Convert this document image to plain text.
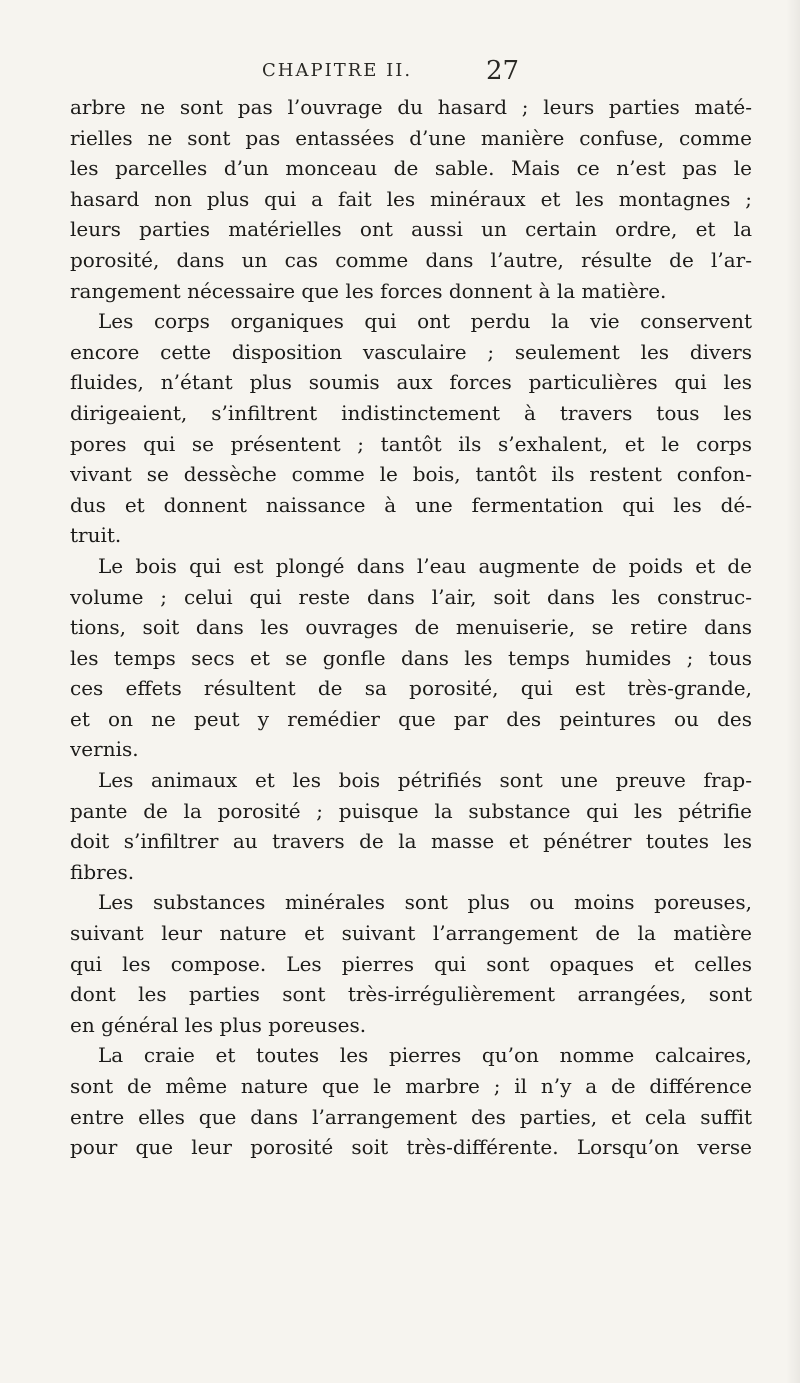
CHAPITRE II.	27
arbre ne sont pas l’ouvrage du hasard ; leurs parties maté-
rielles ne sont pas entassées d’une manière confuse, comme
les parcelles d’un monceau de sable. Mais ce n’est pas le
hasard non plus qui a fait les minéraux et les montagnes ;
leurs parties matérielles ont aussi un certain ordre, et la
porosité, dans un cas comme dans l’autre, résulte de l’ar-
rangement nécessaire que les forces donnent à la matière.
Les corps organiques qui ont perdu la vie conservent
encore cette disposition vasculaire ; seulement les divers
fluides, n’étant plus soumis aux forces particulières qui les
dirigeaient, s’infiltrent indistinctement à travers tous les
pores qui se présentent ; tantôt ils s’exhalent, et le corps
vivant se dessèche comme le bois, tantôt ils restent confon-
dus et donnent naissance à une fermentation qui les dé-
truit.
Le bois qui est plongé dans l’eau augmente de poids et de
volume ; celui qui reste dans l’air, soit dans les construc-
tions, soit dans les ouvrages de menuiserie, se retire dans
les temps secs et se gonfle dans les temps humides ; tous
ces effets résultent de sa porosité, qui est très-grande,
et on ne peut y remédier que par des peintures ou des
vernis.
Les animaux et les bois pétrifiés sont une preuve frap-
pante de la porosité ; puisque la substance qui les pétrifie
doit s’infiltrer au travers de la masse et pénétrer toutes les
fibres.
Les substances minérales sont plus ou moins poreuses,
suivant leur nature et suivant l’arrangement de la matière
qui les compose. Les pierres qui sont opaques et celles
dont les parties sont très-irrégulièrement arrangées, sont
en général les plus poreuses.
La craie et toutes les pierres qu’on nomme calcaires,
sont de même nature que le marbre ; il n’y a de différence
entre elles que dans l’arrangement des parties, et cela suffit
pour que leur porosité soit très-différente. Lorsqu’on verse
